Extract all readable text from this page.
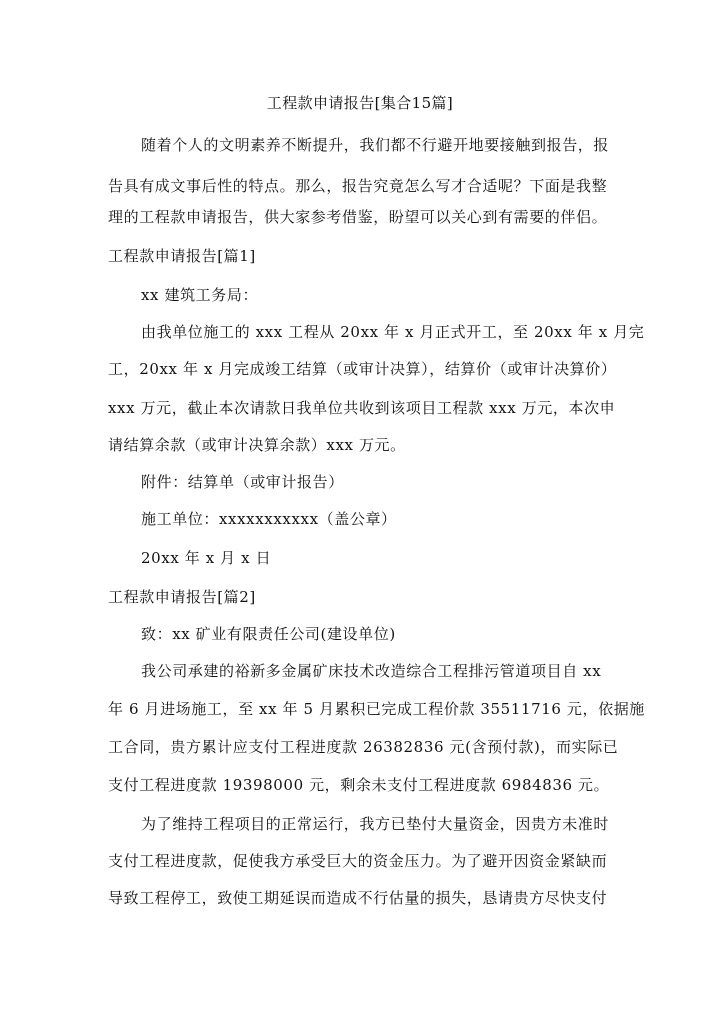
工程款申请报告[集合15篇]
随着个人的文明素养不断提升，我们都不行避开地要接触到报告，报
告具有成文事后性的特点。那么，报告究竟怎么写才合适呢？下面是我整
理的工程款申请报告，供大家参考借鉴，盼望可以关心到有需要的伴侣。
工程款申请报告[篇1]
xx 建筑工务局：
由我单位施工的 xxx 工程从 20xx 年 x 月正式开工，至 20xx 年 x 月完
工，20xx 年 x 月完成竣工结算（或审计决算），结算价（或审计决算价）
xxx 万元，截止本次请款日我单位共收到该项目工程款 xxx 万元，本次申
请结算余款（或审计决算余款）xxx 万元。
附件：结算单（或审计报告）
施工单位：xxxxxxxxxxx（盖公章）
20xx 年 x 月 x 日
工程款申请报告[篇2]
致：xx 矿业有限责任公司(建设单位)
我公司承建的裕新多金属矿床技术改造综合工程排污管道项目自 xx
年 6 月进场施工，至 xx 年 5 月累积已完成工程价款 35511716 元，依据施
工合同，贵方累计应支付工程进度款 26382836 元(含预付款)，而实际已
支付工程进度款 19398000 元，剩余未支付工程进度款 6984836 元。
为了维持工程项目的正常运行，我方已垫付大量资金，因贵方未准时
支付工程进度款，促使我方承受巨大的资金压力。为了避开因资金紧缺而
导致工程停工，致使工期延误而造成不行估量的损失，恳请贵方尽快支付
